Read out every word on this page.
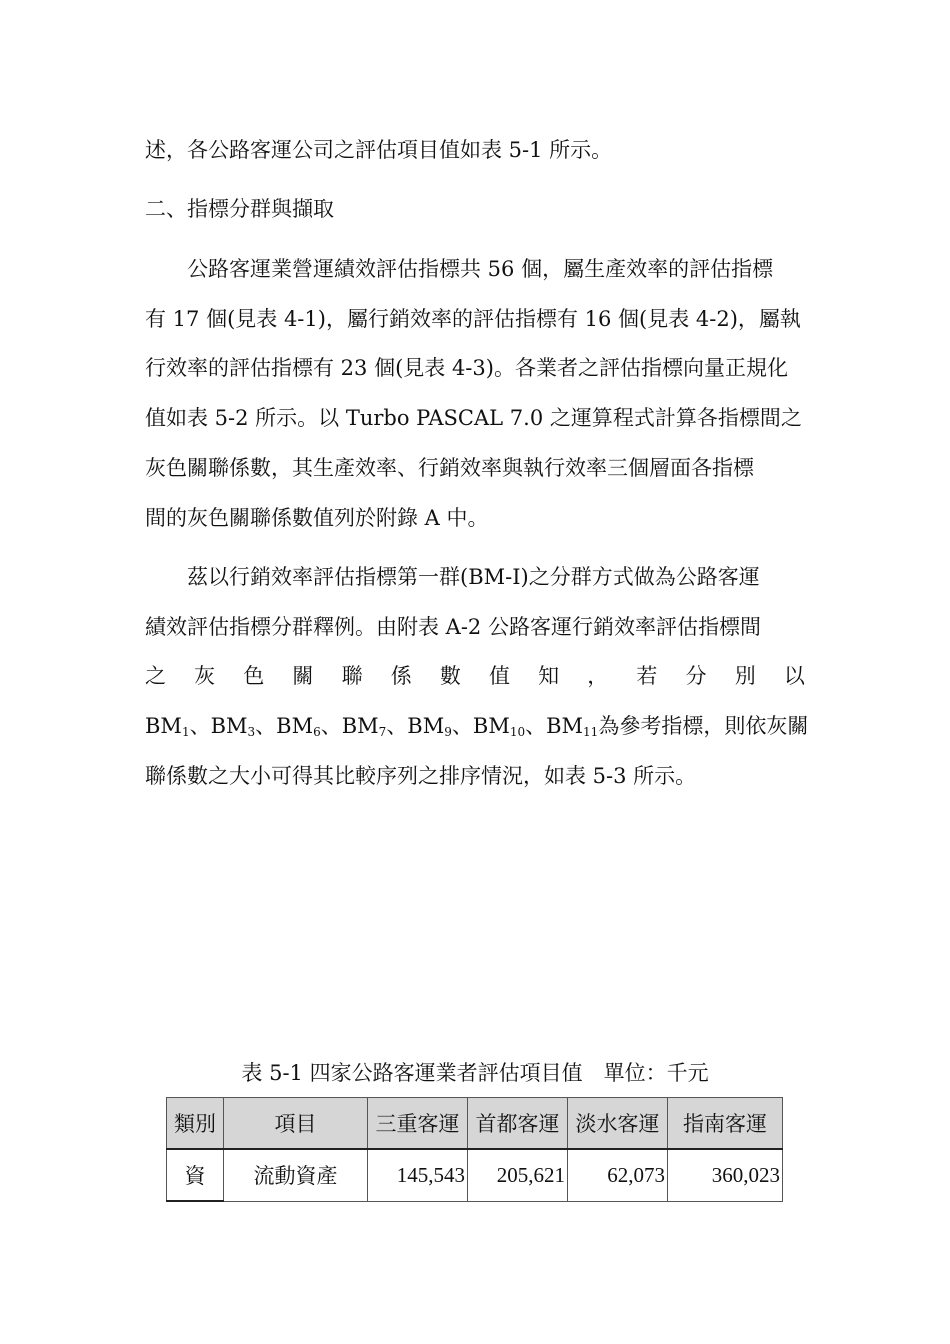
述，各公路客運公司之評估項目值如表 5-1 所示。
二、指標分群與擷取
　　公路客運業營運績效評估指標共 56 個，屬生產效率的評估指標
有 17 個(見表 4-1)，屬行銷效率的評估指標有 16 個(見表 4-2)，屬執
行效率的評估指標有 23 個(見表 4-3)。各業者之評估指標向量正規化
值如表 5-2 所示。以 Turbo PASCAL 7.0 之運算程式計算各指標間之
灰色關聯係數，其生產效率、行銷效率與執行效率三個層面各指標
間的灰色關聯係數值列於附錄 A 中。
　　茲以行銷效率評估指標第一群(BM-I)之分群方式做為公路客運
績效評估指標分群釋例。由附表 A-2 公路客運行銷效率評估指標間
之 灰 色 關 聯 係 數 值 知 ， 若 分 別 以
$BM_1$、$BM_3$、$BM_6$、$BM_7$、$BM_9$、$BM_{10}$、$BM_{11}$為參考指標，則依灰關
聯係數之大小可得其比較序列之排序情況，如表 5-3 所示。
表 5-1 四家公路客運業者評估項目值　單位：千元
類別	項目	三重客運	首都客運	淡水客運	指南客運
資	流動資產	145,543	205,621	62,073	360,023
